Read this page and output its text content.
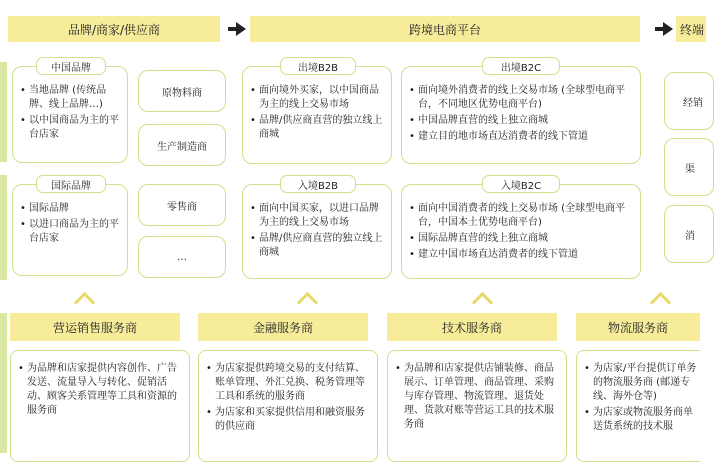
品牌/商家/供应商	跨境电商平台	终端
中国品牌
• 当地品牌 (传统品牌、线上品牌…)
• 以中国商品为主的平台店家
国际品牌
• 国际品牌
• 以进口商品为主的平台店家
原物料商
生产制造商
零售商
…
出境B2B
• 面向境外买家，以中国商品为主的线上交易市场
• 品牌/供应商直营的独立线上商城
出境B2C
• 面向境外消费者的线上交易市场 (全球型电商平台，不同地区优势电商平台)
• 中国品牌直营的线上独立商城
• 建立目的地市场直达消费者的线下管道
入境B2B
• 面向中国买家，以进口品牌为主的线上交易市场
• 品牌/供应商直营的独立线上商城
入境B2C
• 面向中国消费者的线上交易市场 (全球型电商平台，中国本土优势电商平台)
• 国际品牌直营的线上独立商城
• 建立中国市场直达消费者的线下管道
经销
渠
消
营运销售服务商	金融服务商	技术服务商	物流服务商
• 为品牌和店家提供内容创作、广告发送、流量导入与转化、促销活动、顾客关系管理等工具和资源的服务商
• 为店家提供跨境交易的支付结算、账单管理、外汇兑换、税务管理等工具和系统的服务商
• 为店家和买家提供信用和融资服务的供应商
• 为品牌和店家提供店铺装修、商品展示、订单管理、商品管理、采购与库存管理、物流管理、退货处理、货款对账等营运工具的技术服务商
• 为店家/平台提供订单务的物流服务商 (邮递专线、海外仓等)
• 为店家或物流服务商单送货系统的技术服
